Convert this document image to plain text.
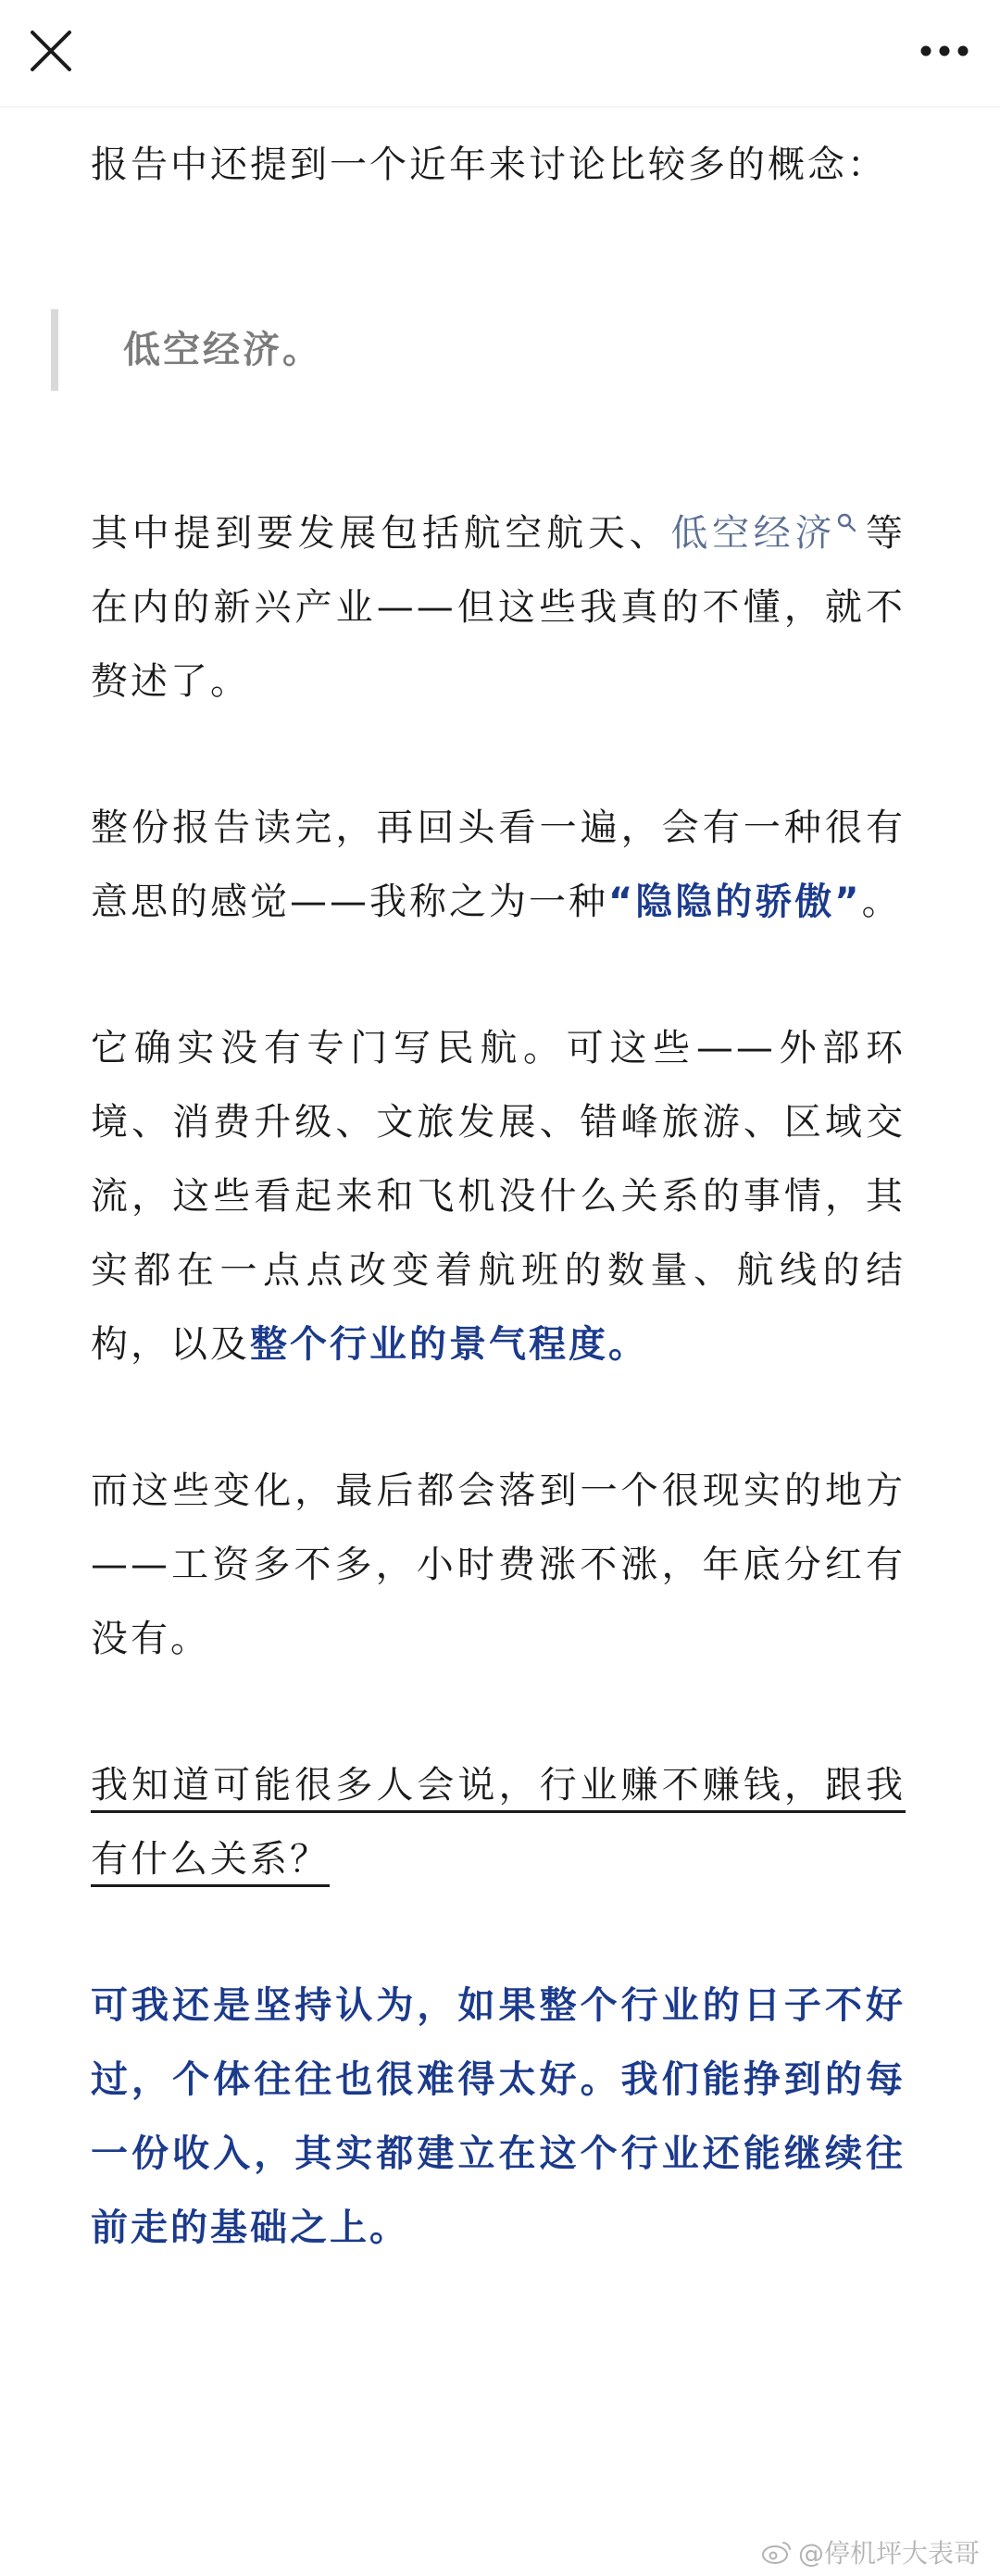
报告中还提到一个近年来讨论比较多的概念：

低空经济。

其中提到要发展包括航空航天、低空经济 等在内的新兴产业——但这些我真的不懂，就不赘述了。

整份报告读完，再回头看一遍，会有一种很有意思的感觉——我称之为一种“隐隐的骄傲”。

它确实没有专门写民航。可这些——外部环境、消费升级、文旅发展、错峰旅游、区域交流，这些看起来和飞机没什么关系的事情，其实都在一点点改变着航班的数量、航线的结构，以及整个行业的景气程度。

而这些变化，最后都会落到一个很现实的地方——工资多不多，小时费涨不涨，年底分红有没有。

我知道可能很多人会说，行业赚不赚钱，跟我有什么关系？

可我还是坚持认为，如果整个行业的日子不好过，个体往往也很难得太好。我们能挣到的每一份收入，其实都建立在这个行业还能继续往前走的基础之上。

@停机坪大表哥
